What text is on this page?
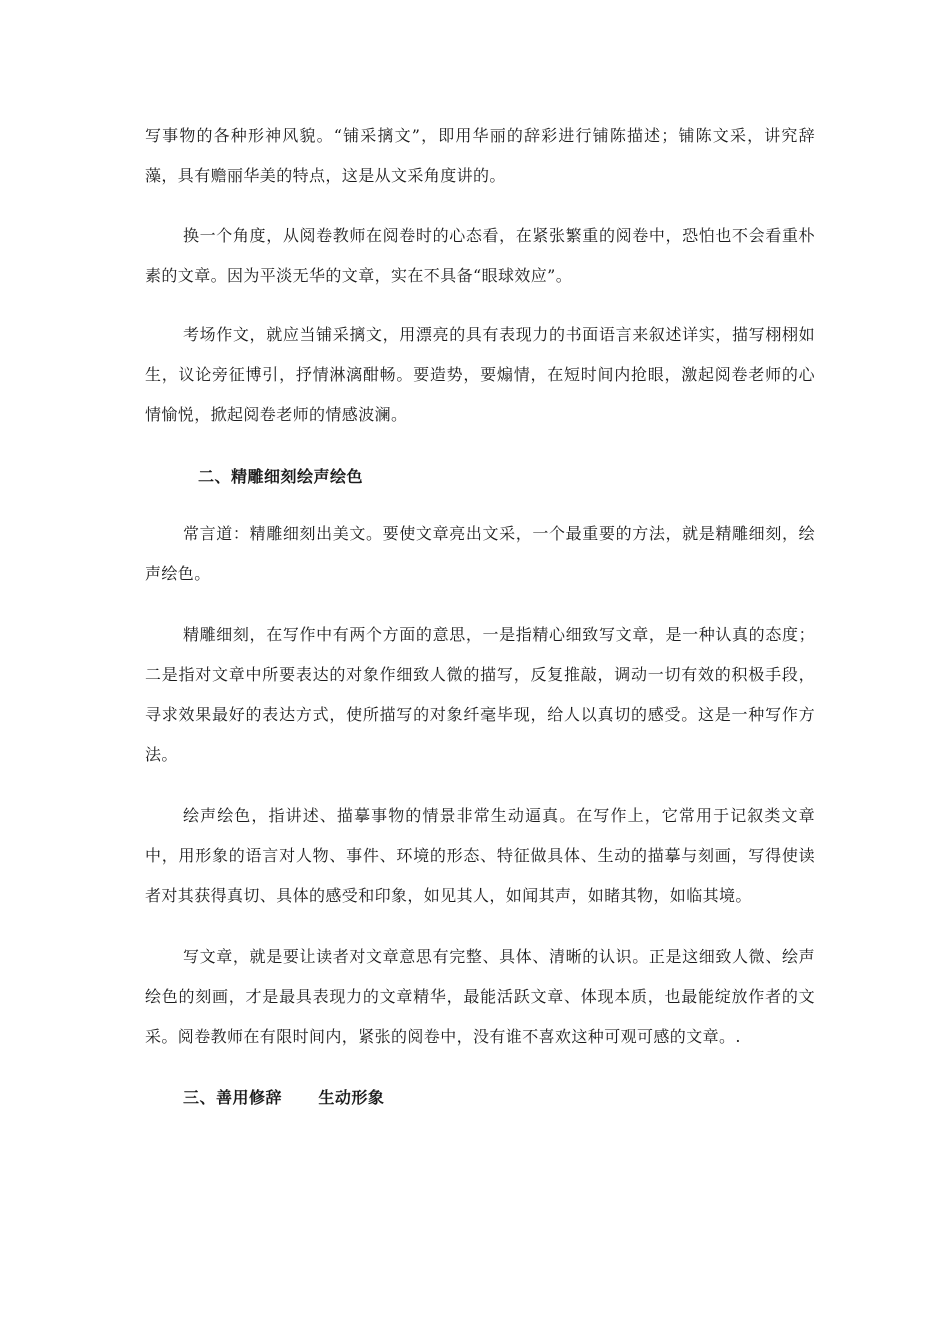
写事物的各种形神风貌。“铺采摛文”，即用华丽的辞彩进行铺陈描述；铺陈文采，讲究辞藻，具有赡丽华美的特点，这是从文采角度讲的。

换一个角度，从阅卷教师在阅卷时的心态看，在紧张繁重的阅卷中，恐怕也不会看重朴素的文章。因为平淡无华的文章，实在不具备“眼球效应”。

考场作文，就应当铺采摛文，用漂亮的具有表现力的书面语言来叙述详实，描写栩栩如生，议论旁征博引，抒情淋漓酣畅。要造势，要煽情，在短时间内抢眼，激起阅卷老师的心情愉悦，掀起阅卷老师的情感波澜。

二、精雕细刻绘声绘色

常言道：精雕细刻出美文。要使文章亮出文采，一个最重要的方法，就是精雕细刻，绘声绘色。

精雕细刻，在写作中有两个方面的意思，一是指精心细致写文章，是一种认真的态度；二是指对文章中所要表达的对象作细致人微的描写，反复推敲，调动一切有效的积极手段，寻求效果最好的表达方式，使所描写的对象纤毫毕现，给人以真切的感受。这是一种写作方法。

绘声绘色，指讲述、描摹事物的情景非常生动逼真。在写作上，它常用于记叙类文章中，用形象的语言对人物、事件、环境的形态、特征做具体、生动的描摹与刻画，写得使读者对其获得真切、具体的感受和印象，如见其人，如闻其声，如睹其物，如临其境。

写文章，就是要让读者对文章意思有完整、具体、清晰的认识。正是这细致人微、绘声绘色的刻画，才是最具表现力的文章精华，最能活跃文章、体现本质，也最能绽放作者的文采。阅卷教师在有限时间内，紧张的阅卷中，没有谁不喜欢这种可观可感的文章。.

三、善用修辞      生动形象
